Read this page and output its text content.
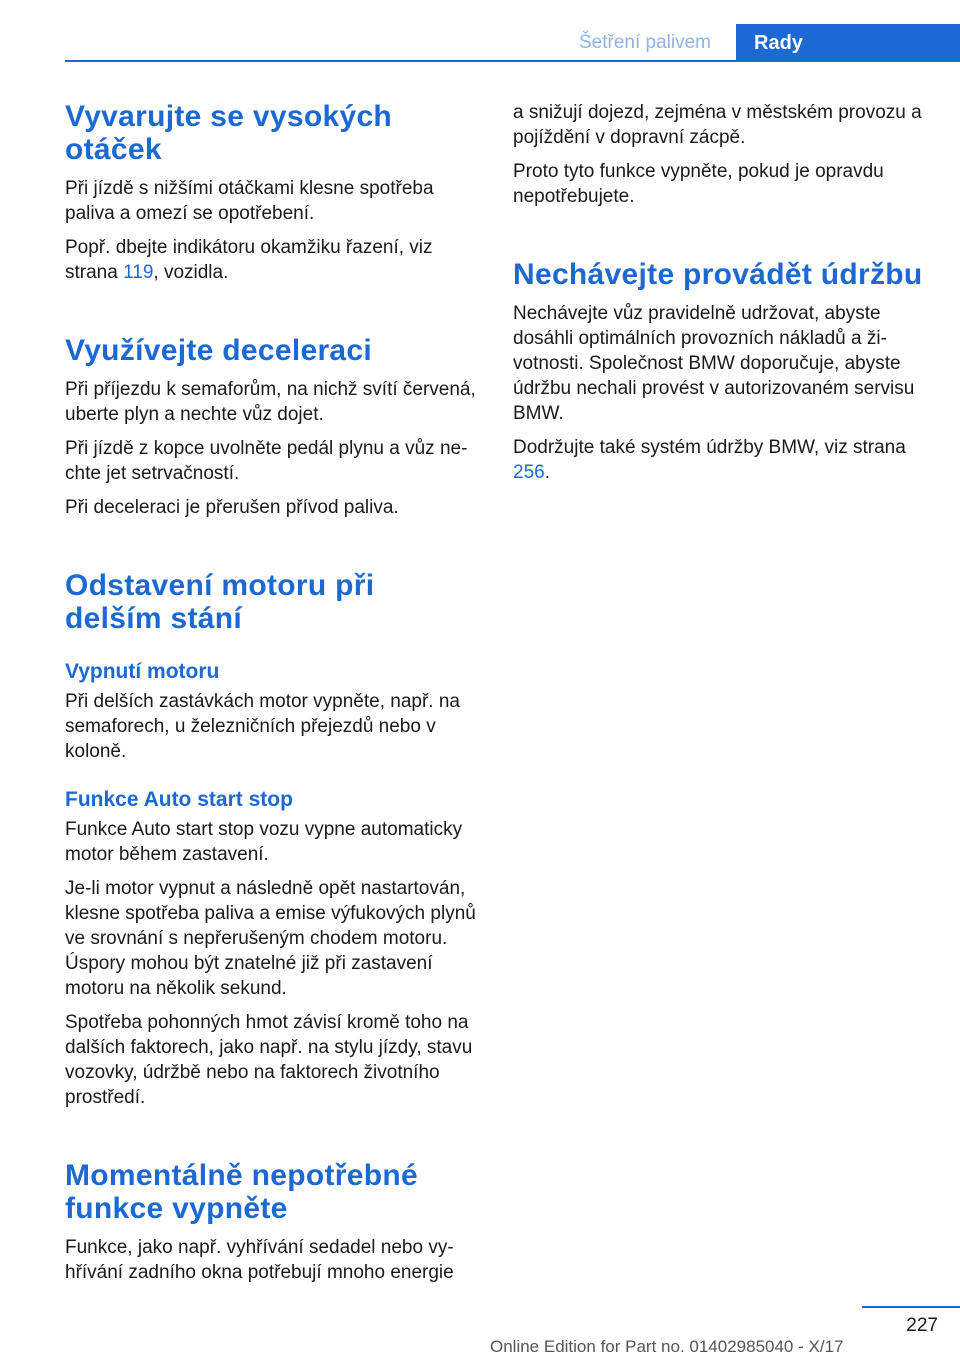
Šetření palivem	Rady
Vyvarujte se vysokých otáček

Při jízdě s nižšími otáčkami klesne spotřeba paliva a omezí se opotřebení.

Popř. dbejte indikátoru okamžiku řazení, viz strana 119, vozidla.

Využívejte deceleraci

Při příjezdu k semaforům, na nichž svítí červená, uberte plyn a nechte vůz dojet.

Při jízdě z kopce uvolněte pedál plynu a vůz nechte jet setrvačností.

Při deceleraci je přerušen přívod paliva.

Odstavení motoru při delším stání
Vypnutí motoru

Při delších zastávkách motor vypněte, např. na semaforech, u železničních přejezdů nebo v koloně.

Funkce Auto start stop

Funkce Auto start stop vozu vypne automaticky motor během zastavení.

Je-li motor vypnut a následně opět nastartován, klesne spotřeba paliva a emise výfukových plynů ve srovnání s nepřerušeným chodem motoru. Úspory mohou být znatelné již při zastavení motoru na několik sekund.

Spotřeba pohonných hmot závisí kromě toho na dalších faktorech, jako např. na stylu jízdy, stavu vozovky, údržbě nebo na faktorech životního prostředí.

Momentálně nepotřebné funkce vypněte

Funkce, jako např. vyhřívání sedadel nebo vyhřívání zadního okna potřebují mnoho energie

a snižují dojezd, zejména v městském provozu a pojíždění v dopravní zácpě.

Proto tyto funkce vypněte, pokud je opravdu nepotřebujete.

Nechávejte provádět údržbu

Nechávejte vůz pravidelně udržovat, abyste dosáhli optimálních provozních nákladů a životnosti. Společnost BMW doporučuje, abyste údržbu nechali provést v autorizovaném servisu BMW.

Dodržujte také systém údržby BMW, viz strana 256.

227
Online Edition for Part no. 01402985040 - X/17
